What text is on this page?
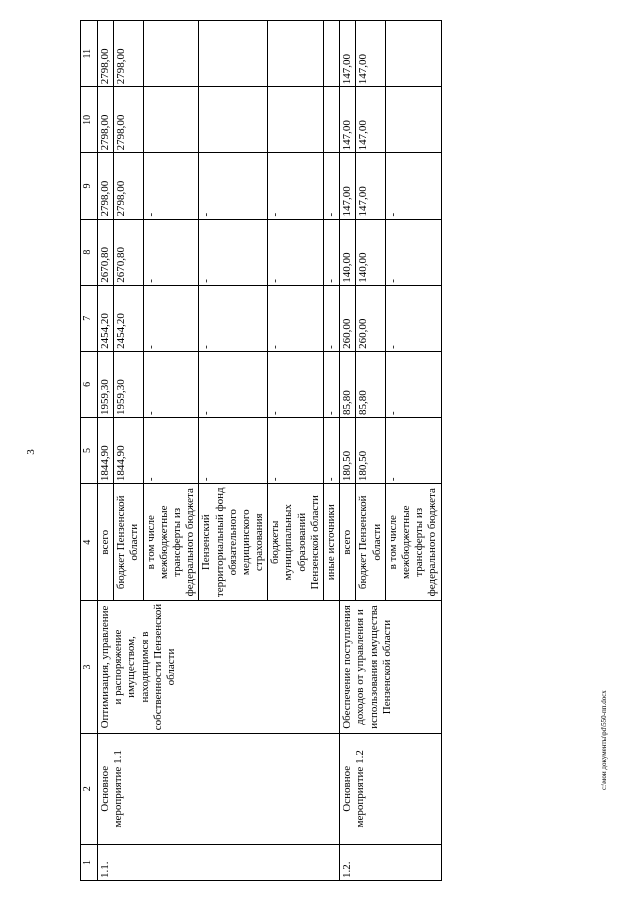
3
c:\мои документы\рd\550-пп.docx
1	2	3	4	5	6	7	8	9	10	11
1.1.	Основное мероприятие 1.1	Оптимизация, управление и распоряжение имуществом, находящимся в собственности Пензенской области	всего	1844,90	1959,30	2454,20	2670,80	2798,00	2798,00	2798,00
			бюджет Пензенской области	1844,90	1959,30	2454,20	2670,80	2798,00	2798,00	2798,00
			в том числе межбюджетные трансферты из федерального бюджета	-	-	-	-	-		
			Пензенский территориальный фонд обязательного медицинского страхования	-	-	-	-	-		
			бюджеты муниципальных образований Пензенской области	-	-	-	-	-		
			иные источники	-	-	-	-	-		
1.2.	Основное мероприятие 1.2	Обеспечение поступления доходов от управления и использования имущества Пензенской области	всего	180,50	85,80	260,00	140,00	147,00	147,00	147,00
			бюджет Пензенской области	180,50	85,80	260,00	140,00	147,00	147,00	147,00
			в том числе межбюджетные трансферты из федерального бюджета	-	-	-	-	-		
